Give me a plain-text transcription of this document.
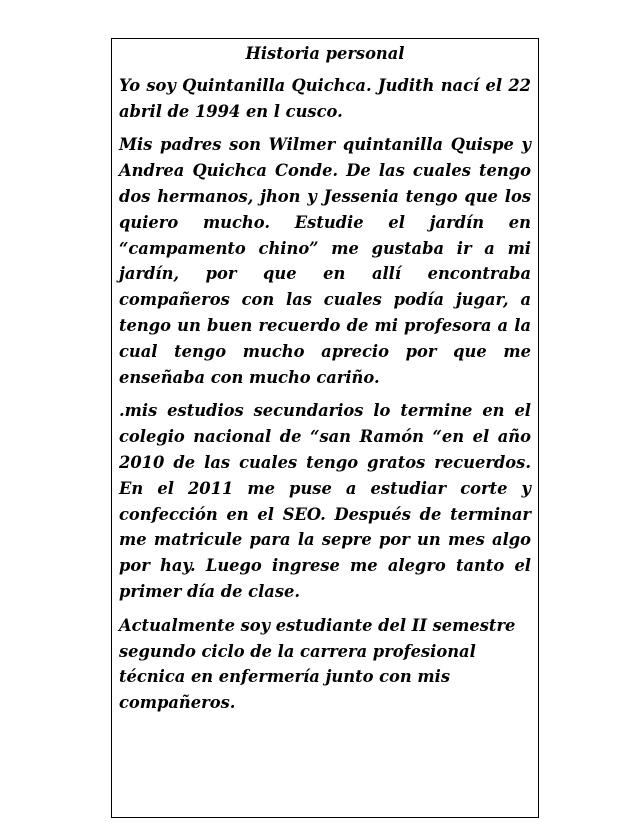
Historia personal

Yo soy Quintanilla Quichca. Judith nací el 22 abril de 1994 en l cusco.

Mis padres son Wilmer quintanilla Quispe y Andrea Quichca Conde. De las cuales tengo dos hermanos, jhon y Jessenia tengo que los quiero mucho. Estudie el jardín en “campamento chino” me gustaba ir a mi jardín, por que en allí encontraba compañeros con las cuales podía jugar, a tengo un buen recuerdo de mi profesora a la cual tengo mucho aprecio por que me enseñaba con mucho cariño.

.mis estudios secundarios lo termine en el colegio nacional de “san Ramón “en el año 2010 de las cuales tengo gratos recuerdos. En el 2011 me puse a estudiar corte y confección en el SEO. Después de terminar me matricule para la sepre por un mes algo por hay. Luego ingrese me alegro tanto el primer día de clase.

Actualmente soy estudiante del II semestre segundo ciclo de la carrera profesional técnica en enfermería junto con mis compañeros.
